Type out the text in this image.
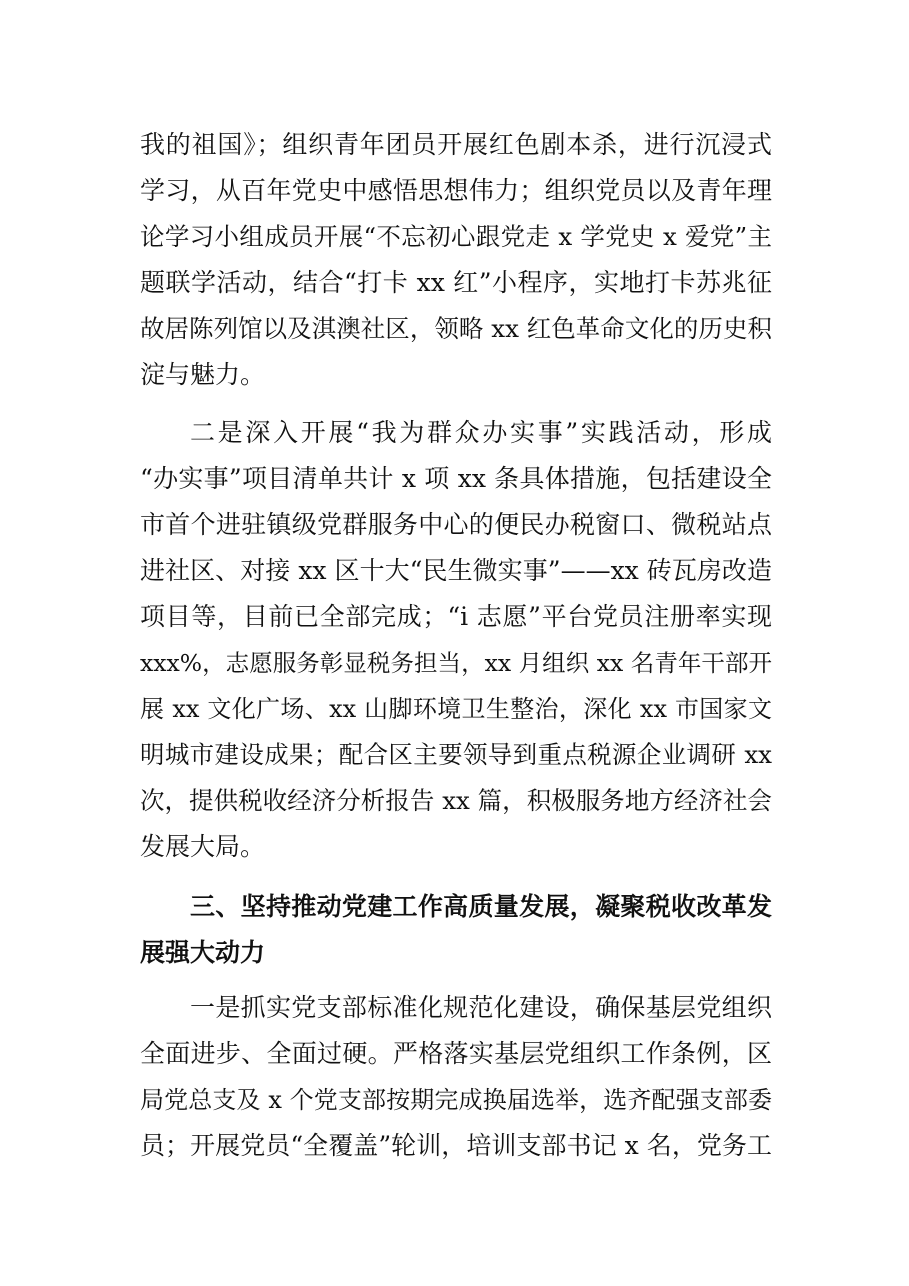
我的祖国》；组织青年团员开展红色剧本杀，进行沉浸式
学习，从百年党史中感悟思想伟力；组织党员以及青年理
论学习小组成员开展“不忘初心跟党走 x 学党史 x 爱党”主
题联学活动，结合“打卡 xx 红”小程序，实地打卡苏兆征
故居陈列馆以及淇澳社区，领略 xx 红色革命文化的历史积
淀与魅力。
二是深入开展“我为群众办实事”实践活动，形成
“办实事”项目清单共计 x 项 xx 条具体措施，包括建设全
市首个进驻镇级党群服务中心的便民办税窗口、微税站点
进社区、对接 xx 区十大“民生微实事”——xx 砖瓦房改造
项目等，目前已全部完成；“i 志愿”平台党员注册率实现
xxx%，志愿服务彰显税务担当，xx 月组织 xx 名青年干部开
展 xx 文化广场、xx 山脚环境卫生整治，深化 xx 市国家文
明城市建设成果；配合区主要领导到重点税源企业调研 xx
次，提供税收经济分析报告 xx 篇，积极服务地方经济社会
发展大局。
三、坚持推动党建工作高质量发展，凝聚税收改革发
展强大动力
一是抓实党支部标准化规范化建设，确保基层党组织
全面进步、全面过硬。严格落实基层党组织工作条例，区
局党总支及 x 个党支部按期完成换届选举，选齐配强支部委
员；开展党员“全覆盖”轮训，培训支部书记 x 名，党务工
